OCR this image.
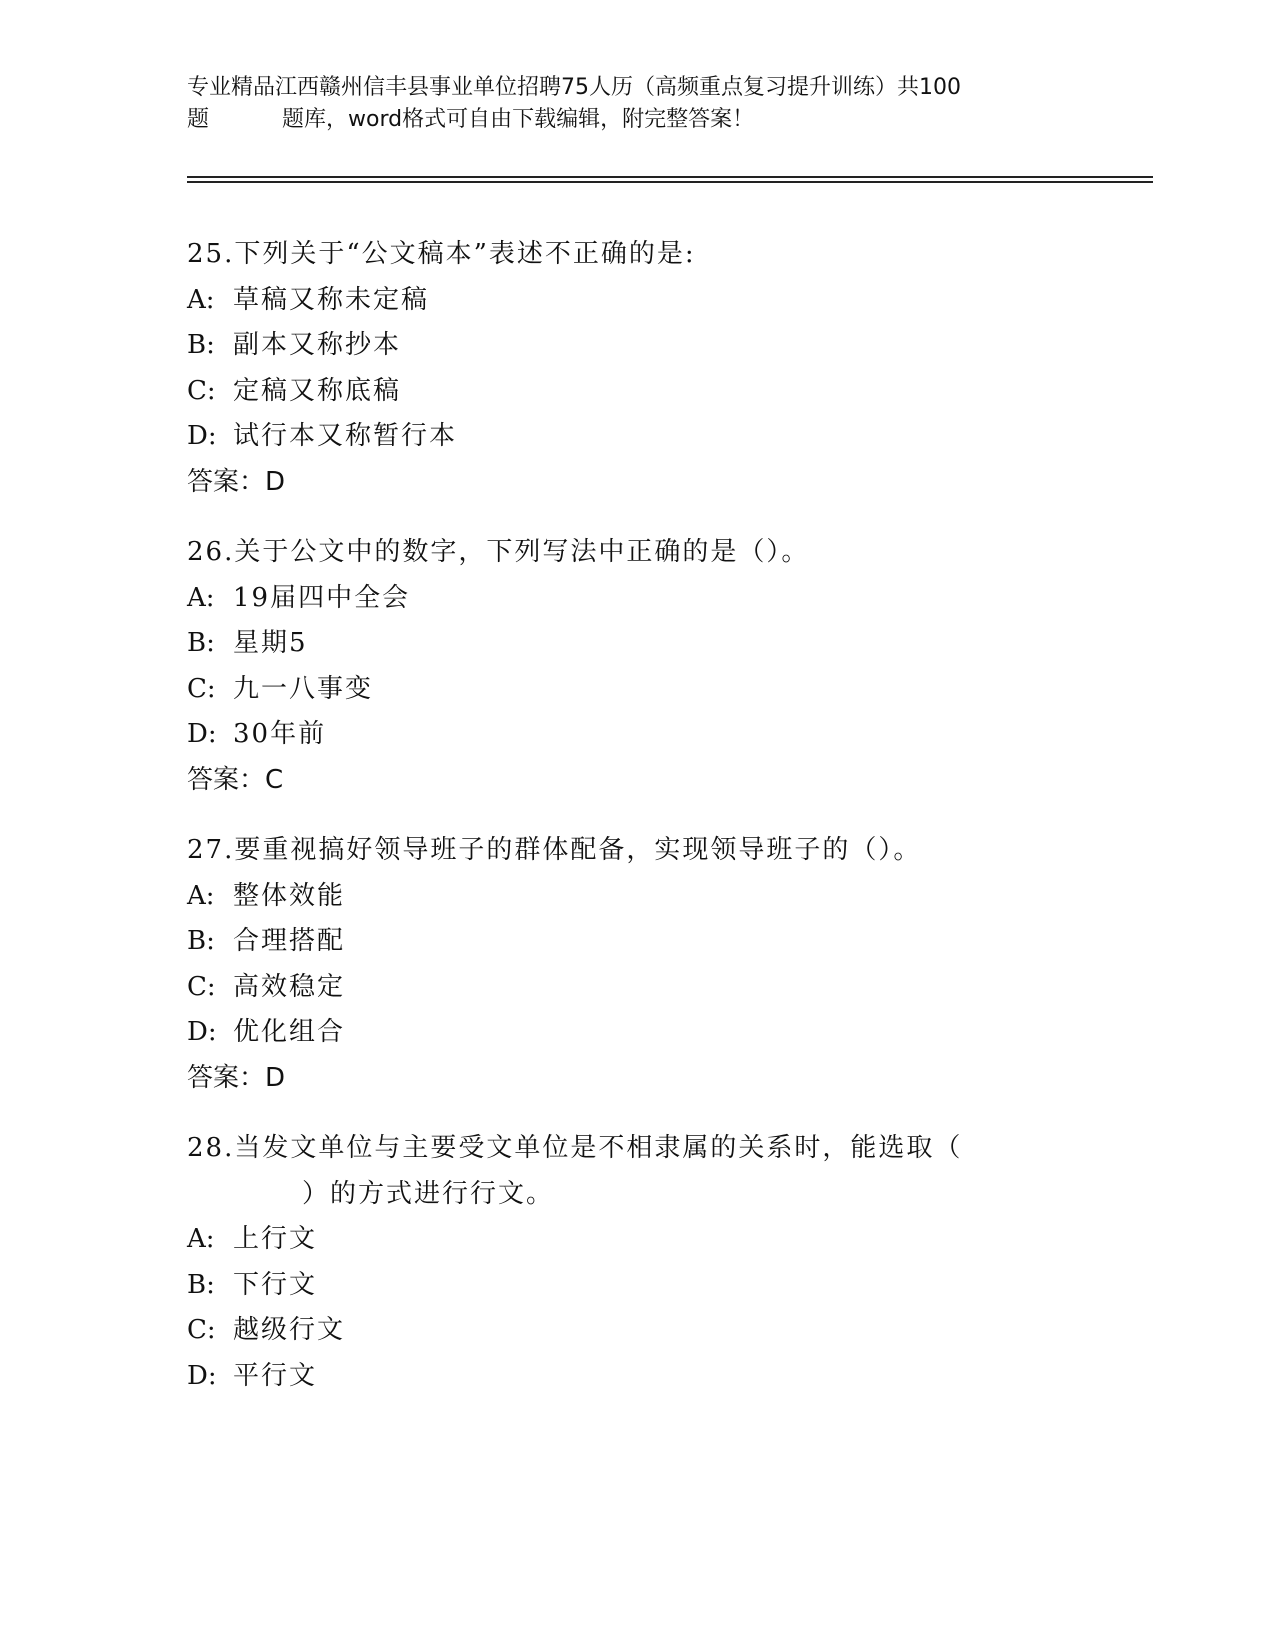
专业精品江西赣州信丰县事业单位招聘75人历（高频重点复习提升训练）共100
题	题库，word格式可自由下载编辑，附完整答案！
25.下列关于“公文稿本”表述不正确的是:
A: 草稿又称未定稿
B: 副本又称抄本
C: 定稿又称底稿
D: 试行本又称暂行本
答案：D
26.关于公文中的数字，下列写法中正确的是（）。
A: 19届四中全会
B: 星期5
C: 九一八事变
D: 30年前
答案：C
27.要重视搞好领导班子的群体配备，实现领导班子的（）。
A: 整体效能
B: 合理搭配
C: 高效稳定
D: 优化组合
答案：D
28.当发文单位与主要受文单位是不相隶属的关系时，能选取（
）的方式进行行文。
A: 上行文
B: 下行文
C: 越级行文
D: 平行文
